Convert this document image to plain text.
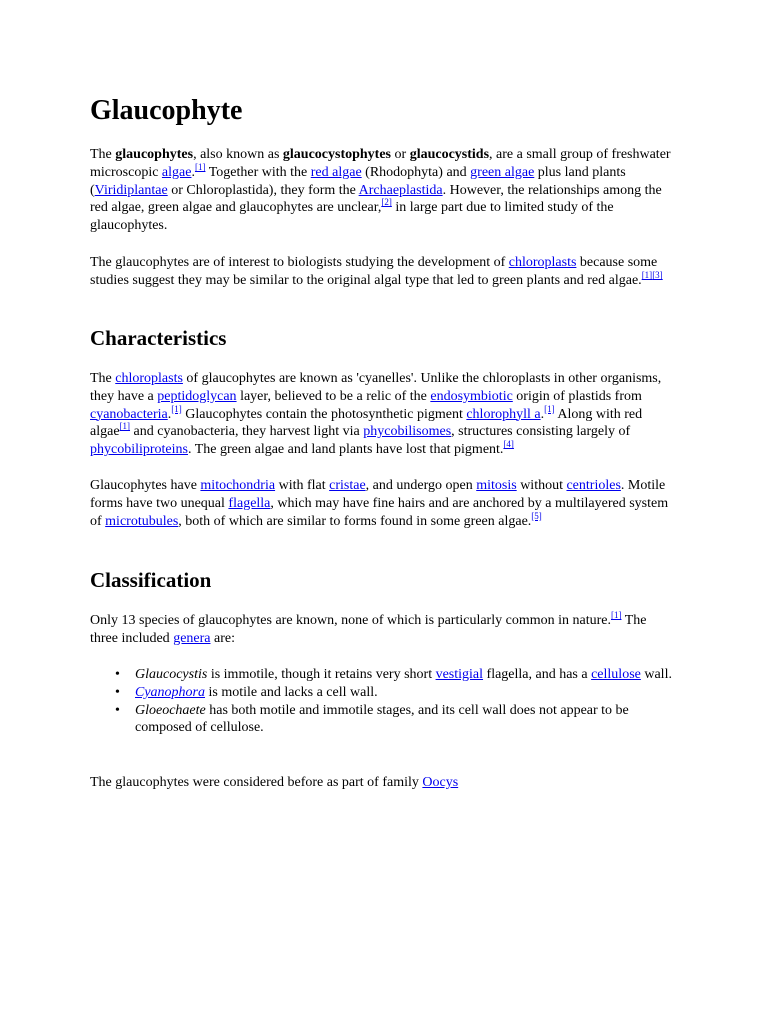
Glaucophyte

The glaucophytes, also known as glaucocystophytes or glaucocystids, are a small group of freshwater microscopic algae.[1] Together with the red algae (Rhodophyta) and green algae plus land plants (Viridiplantae or Chloroplastida), they form the Archaeplastida. However, the relationships among the red algae, green algae and glaucophytes are unclear,[2] in large part due to limited study of the glaucophytes.

The glaucophytes are of interest to biologists studying the development of chloroplasts because some studies suggest they may be similar to the original algal type that led to green plants and red algae.[1][3]

Characteristics

The chloroplasts of glaucophytes are known as 'cyanelles'. Unlike the chloroplasts in other organisms, they have a peptidoglycan layer, believed to be a relic of the endosymbiotic origin of plastids from cyanobacteria.[1] Glaucophytes contain the photosynthetic pigment chlorophyll a.[1] Along with red algae[1] and cyanobacteria, they harvest light via phycobilisomes, structures consisting largely of phycobiliproteins. The green algae and land plants have lost that pigment.[4]

Glaucophytes have mitochondria with flat cristae, and undergo open mitosis without centrioles. Motile forms have two unequal flagella, which may have fine hairs and are anchored by a multilayered system of microtubules, both of which are similar to forms found in some green algae.[5]

Classification

Only 13 species of glaucophytes are known, none of which is particularly common in nature.[1] The three included genera are:

• Glaucocystis is immotile, though it retains very short vestigial flagella, and has a cellulose wall.
• Cyanophora is motile and lacks a cell wall.
• Gloeochaete has both motile and immotile stages, and its cell wall does not appear to be composed of cellulose.

The glaucophytes were considered before as part of family Oocys
